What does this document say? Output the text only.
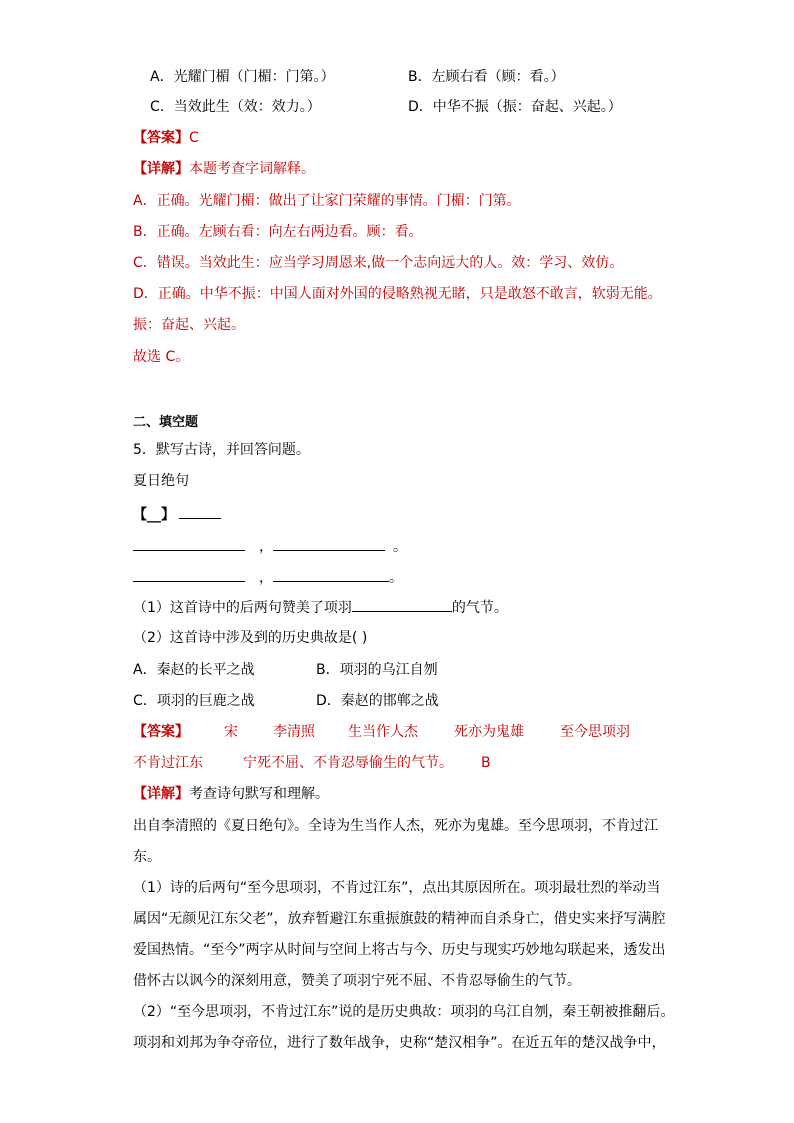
A．光耀门楣（门楣：门第。）	B．左顾右看（顾：看。）
C．当效此生（效：效力。）	D．中华不振（振：奋起、兴起。）
【答案】C
【详解】本题考查字词解释。
A．正确。光耀门楣：做出了让家门荣耀的事情。门楣：门第。
B．正确。左顾右看：向左右两边看。顾：看。
C．错误。当效此生：应当学习周恩来,做一个志向远大的人。效：学习、效仿。
D．正确。中华不振：中国人面对外国的侵略熟视无睹，只是敢怒不敢言，软弱无能。
振：奋起、兴起。
故选 C。
二、填空题
5．默写古诗，并回答问题。
夏日绝句
【__】
，	。
，	。
（1）这首诗中的后两句赞美了项羽	的气节。
（2）这首诗中涉及到的历史典故是( )
A．秦赵的长平之战	B．项羽的乌江自刎
C．项羽的巨鹿之战	D．秦赵的邯郸之战
【答案】	宋	李清照 生当作人杰	死亦为鬼雄	至今思项羽
不肯过江东	宁死不屈、不肯忍辱偷生的气节。 B
【详解】考查诗句默写和理解。
出自李清照的《夏日绝句》。全诗为生当作人杰，死亦为鬼雄。至今思项羽，不肯过江
东。
（1）诗的后两句“至今思项羽，不肯过江东”，点出其原因所在。项羽最壮烈的举动当
属因“无颜见江东父老”，放弃暂避江东重振旗鼓的精神而自杀身亡，借史实来抒写满腔
爱国热情。“至今”两字从时间与空间上将古与今、历史与现实巧妙地勾联起来，透发出
借怀古以讽今的深刻用意，赞美了项羽宁死不屈、不肯忍辱偷生的气节。
（2）“至今思项羽，不肯过江东”说的是历史典故：项羽的乌江自刎，秦王朝被推翻后。
项羽和刘邦为争夺帝位，进行了数年战争，史称“楚汉相争”。在近五年的楚汉战争中，
